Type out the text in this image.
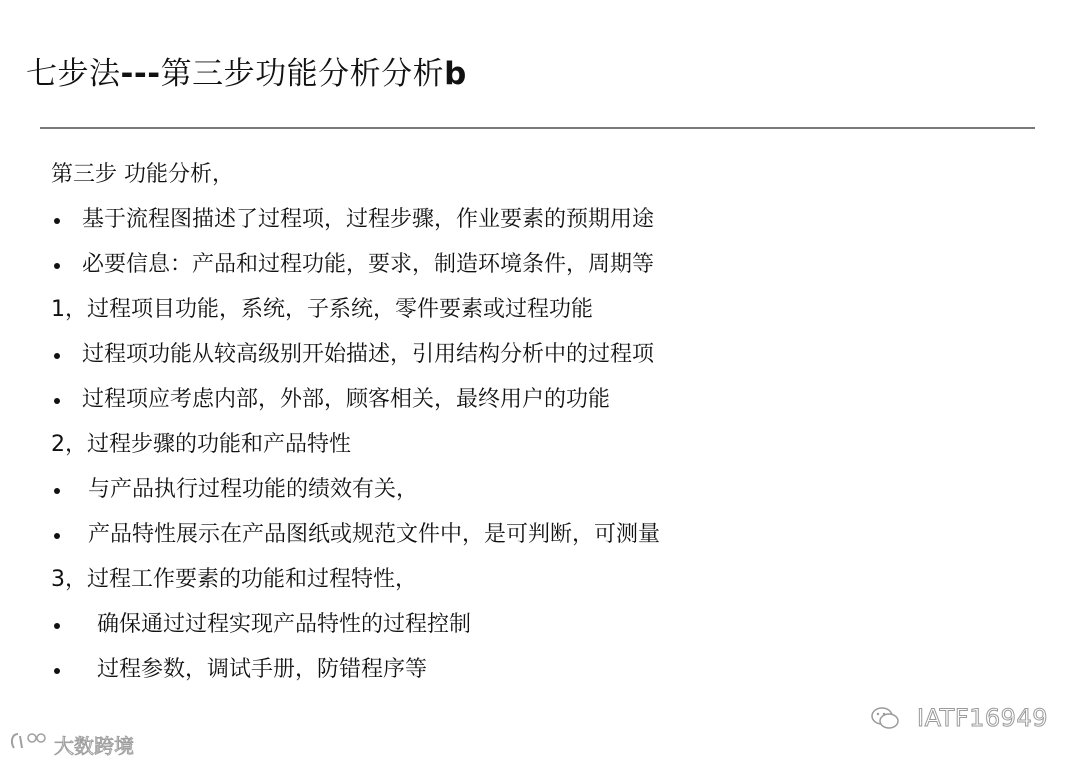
七步法---第三步功能分析分析b
第三步 功能分析，
基于流程图描述了过程项，过程步骤，作业要素的预期用途
必要信息：产品和过程功能，要求，制造环境条件，周期等
1，过程项目功能，系统，子系统，零件要素或过程功能
过程项功能从较高级别开始描述，引用结构分析中的过程项
过程项应考虑内部，外部，顾客相关，最终用户的功能
2，过程步骤的功能和产品特性
与产品执行过程功能的绩效有关，
产品特性展示在产品图纸或规范文件中，是可判断，可测量
3，过程工作要素的功能和过程特性，
确保通过过程实现产品特性的过程控制
过程参数，调试手册，防错程序等
IATF16949
大数跨境
